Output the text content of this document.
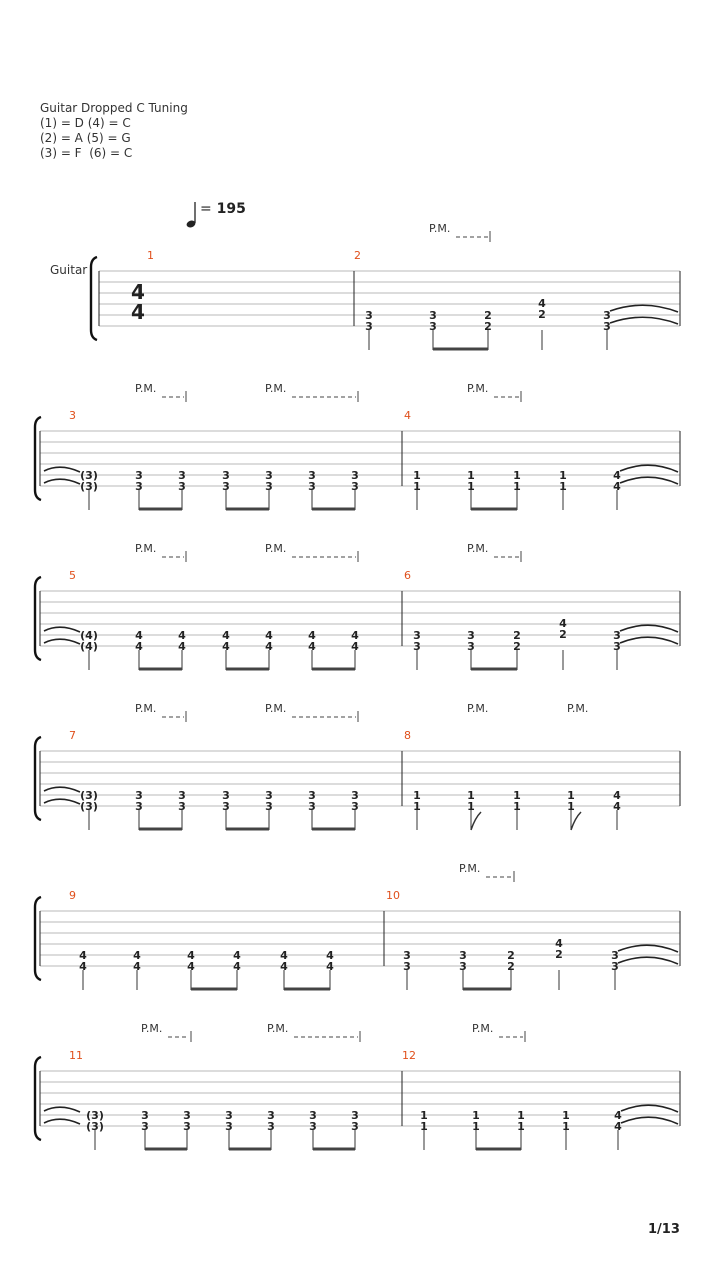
Guitar Dropped C Tuning
(1) = D (4) = C
(2) = A (5) = G
(3) = F  (6) = C
= 195
Guitar
1	2
3
3
3
3
2
2
4
2	3
3
P.M.
3
(3)
(3)
3
3
3
3
3
3
3
3
3
3
3
3
4
1
1
1
1
1
1
1
1
4
4
P.M.	P.M.	P.M.
5
(4)
(4)
4
4
4
4
4
4
4
4
4
4
4
4
6
3
3
3
3
2
2
4
2	3
3
P.M.	P.M.	P.M.
7
(3)
(3)
3
3
3
3
3
3
3
3
3
3
3
3
8
1
1
1
1
1
1
1
1
4
4
P.M.	P.M.	P.M.	P.M.
9
4
4
4
4
4
4
4
4
4
4
4
4
10
3
3
3
3
2
2
4
2	3
3
P.M.
11
(3)
(3)
3
3
3
3
3
3
3
3
3
3
3
3
12
1
1
1
1
1
1
1
1
4
4
P.M.	P.M.	P.M.
4
4
1/13
